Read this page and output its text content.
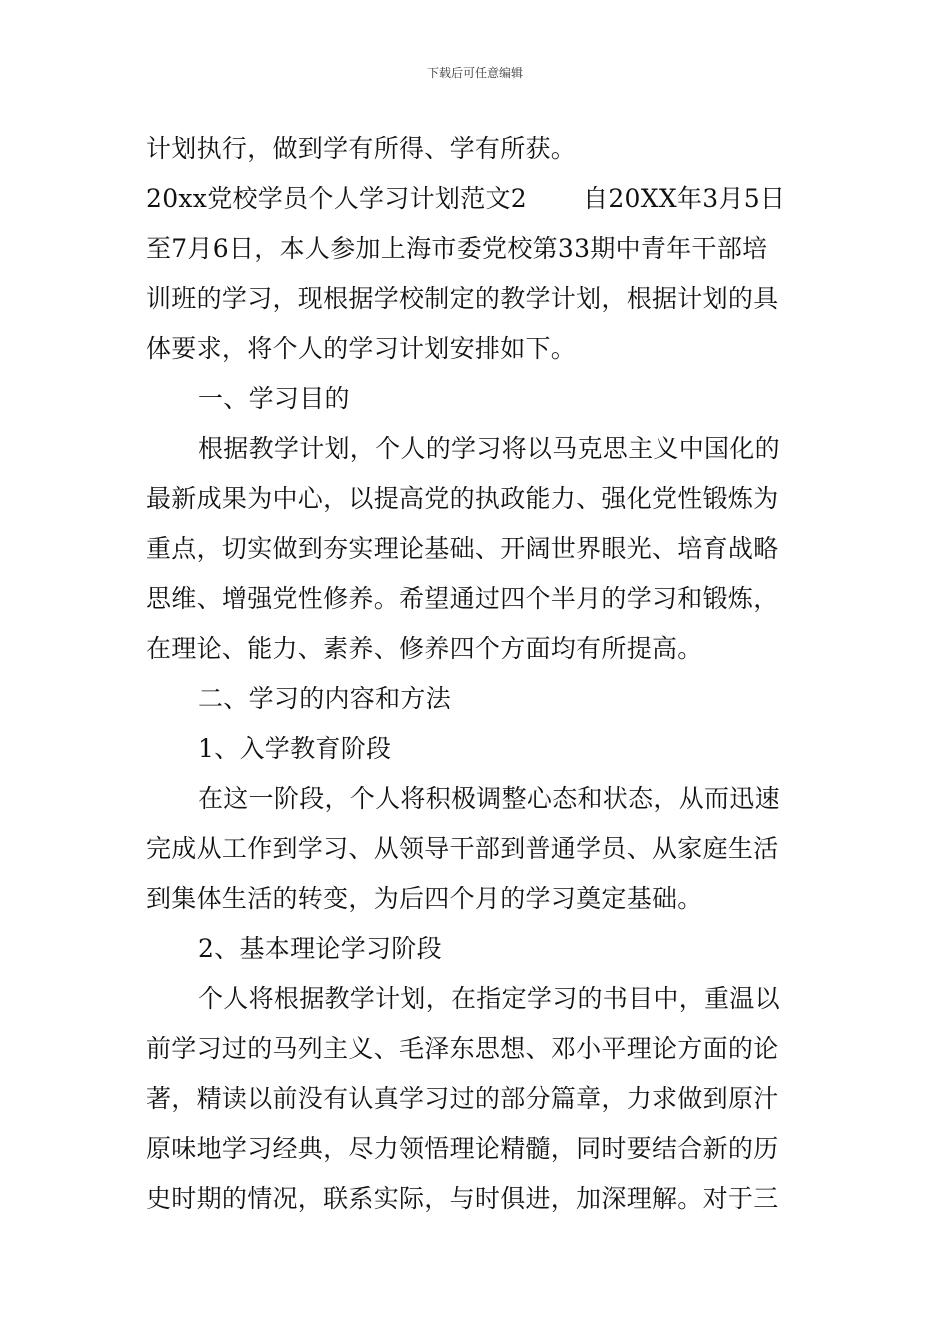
下载后可任意编辑
计划执行，做到学有所得、学有所获。
20xx党校学员个人学习计划范文2 自20XX年3月5日
至7月6日，本人参加上海市委党校第33期中青年干部培
训班的学习，现根据学校制定的教学计划，根据计划的具
体要求，将个人的学习计划安排如下。
一、学习目的
根据教学计划，个人的学习将以马克思主义中国化的
最新成果为中心，以提高党的执政能力、强化党性锻炼为
重点，切实做到夯实理论基础、开阔世界眼光、培育战略
思维、增强党性修养。希望通过四个半月的学习和锻炼，
在理论、能力、素养、修养四个方面均有所提高。
二、学习的内容和方法
1、入学教育阶段
在这一阶段，个人将积极调整心态和状态，从而迅速
完成从工作到学习、从领导干部到普通学员、从家庭生活
到集体生活的转变，为后四个月的学习奠定基础。
2、基本理论学习阶段
个人将根据教学计划，在指定学习的书目中，重温以
前学习过的马列主义、毛泽东思想、邓小平理论方面的论
著，精读以前没有认真学习过的部分篇章，力求做到原汁
原味地学习经典，尽力领悟理论精髓，同时要结合新的历
史时期的情况，联系实际，与时俱进，加深理解。对于三
